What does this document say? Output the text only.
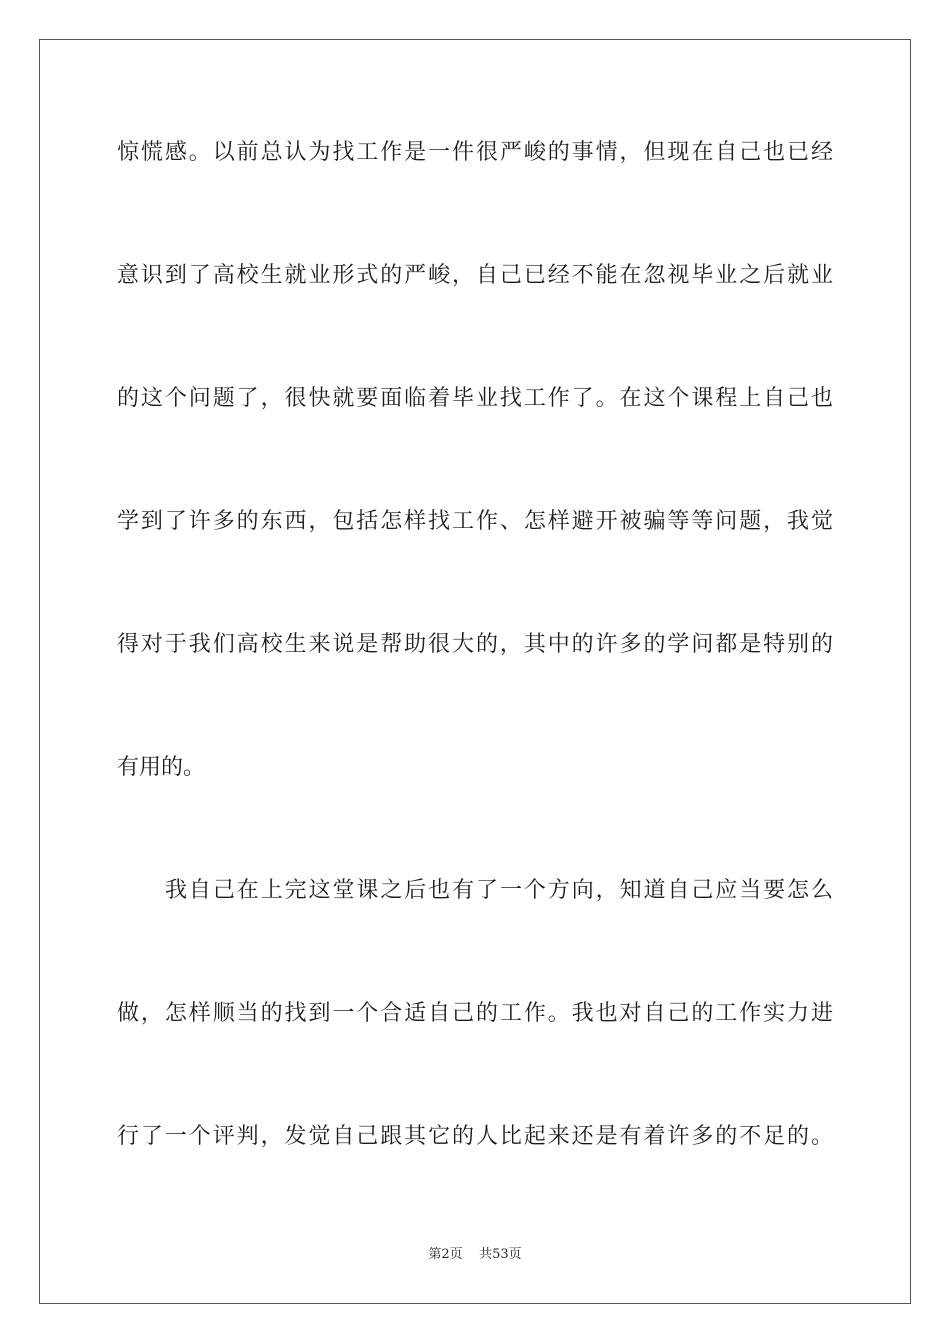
惊慌感。以前总认为找工作是一件很严峻的事情，但现在自己也已经
意识到了高校生就业形式的严峻，自己已经不能在忽视毕业之后就业
的这个问题了，很快就要面临着毕业找工作了。在这个课程上自己也
学到了许多的东西，包括怎样找工作、怎样避开被骗等等问题，我觉
得对于我们高校生来说是帮助很大的，其中的许多的学问都是特别的
有用的。
我自己在上完这堂课之后也有了一个方向，知道自己应当要怎么
做，怎样顺当的找到一个合适自己的工作。我也对自己的工作实力进
行了一个评判，发觉自己跟其它的人比起来还是有着许多的不足的。
第2页 共53页
